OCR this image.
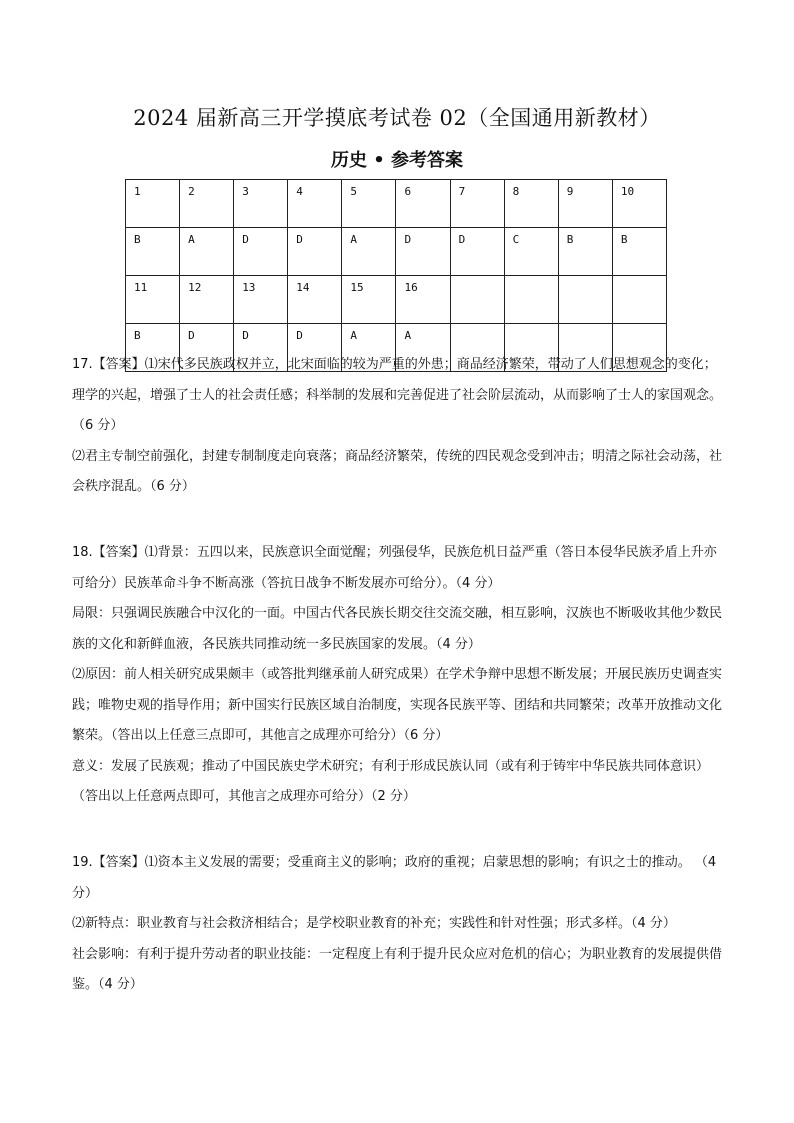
2024 届新高三开学摸底考试卷 02（全国通用新教材）
历史 • 参考答案
1	2	3	4	5	6	7	8	9	10
B	A	D	D	A	D	D	C	B	B
11	12	13	14	15	16				
B	D	D	D	A	A				

17.【答案】⑴宋代多民族政权并立，北宋面临的较为严重的外患；商品经济繁荣，带动了人们思想观念的变化；理学的兴起，增强了士人的社会责任感；科举制的发展和完善促进了社会阶层流动，从而影响了士人的家国观念。（6 分）

⑵君主专制空前强化，封建专制制度走向衰落；商品经济繁荣，传统的四民观念受到冲击；明清之际社会动荡，社会秩序混乱。（6 分）

18.【答案】⑴背景：五四以来，民族意识全面觉醒；列强侵华，民族危机日益严重（答日本侵华民族矛盾上升亦可给分）民族革命斗争不断高涨（答抗日战争不断发展亦可给分）。（4 分）

局限：只强调民族融合中汉化的一面。中国古代各民族长期交往交流交融，相互影响，汉族也不断吸收其他少数民族的文化和新鲜血液，各民族共同推动统一多民族国家的发展。（4 分）

⑵原因：前人相关研究成果颇丰（或答批判继承前人研究成果）在学术争辩中思想不断发展；开展民族历史调查实践；唯物史观的指导作用；新中国实行民族区域自治制度，实现各民族平等、团结和共同繁荣；改革开放推动文化繁荣。（答出以上任意三点即可，其他言之成理亦可给分）（6 分）

意义：发展了民族观；推动了中国民族史学术研究；有利于形成民族认同（或有利于铸牢中华民族共同体意识）（答出以上任意两点即可，其他言之成理亦可给分）（2 分）

19.【答案】⑴资本主义发展的需要；受重商主义的影响；政府的重视；启蒙思想的影响；有识之士的推动。 （4 分）

⑵新特点：职业教育与社会救济相结合；是学校职业教育的补充；实践性和针对性强；形式多样。（4 分）

社会影响：有利于提升劳动者的职业技能：一定程度上有利于提升民众应对危机的信心；为职业教育的发展提供借鉴。（4 分）
